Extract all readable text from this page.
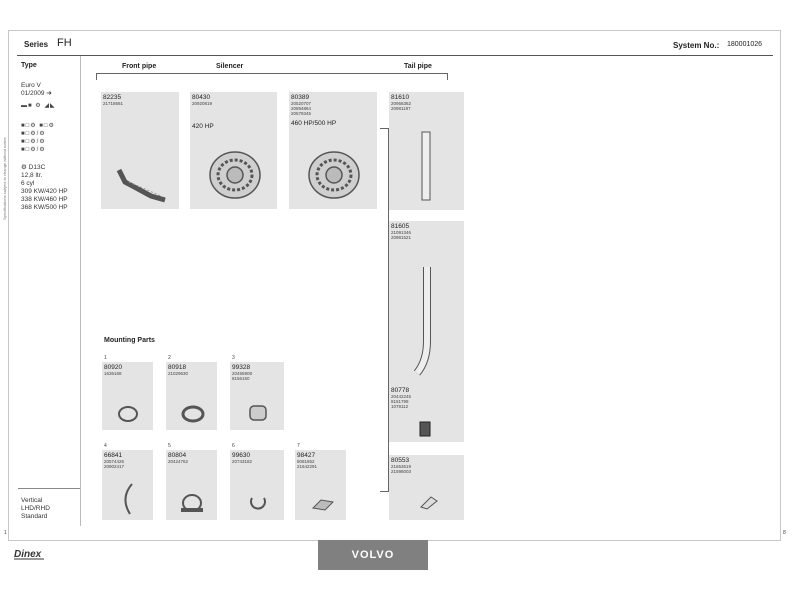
Specifications subject to change without notice
Series FH	System No.: 180001026
Type
Euro V
01/2009 ➔
▬■ ⚙ ◢◣
■□⚙ ■□⚙
■□⚙/⚙
■□⚙/⚙
■□⚙/⚙
⚙ D13C
12,8 ltr.
6 cyl
309 KW/420 HP
338 KW/460 HP
368 KW/500 HP
Vertical
LHD/RHD
Standard
Front pipe	Silencer	Tail pipe
82235
21718661
80430
20920819
420 HP
80389
20520707
20894864
20579345
460 HP/500 HP
81610
20956362
20981197
81605
21091346
20981521
80778
20442245
8151798
1078112
80553
21653619
21598003
Mounting Parts
1
80920
1636168
2
80918
21029630
3
99328
20455908
8156150
4
66841
20574426
20902417
5
80804
20424762
6
99630
20743182
7
98427
8081852
21642291
1	8
Dinex	VOLVO
